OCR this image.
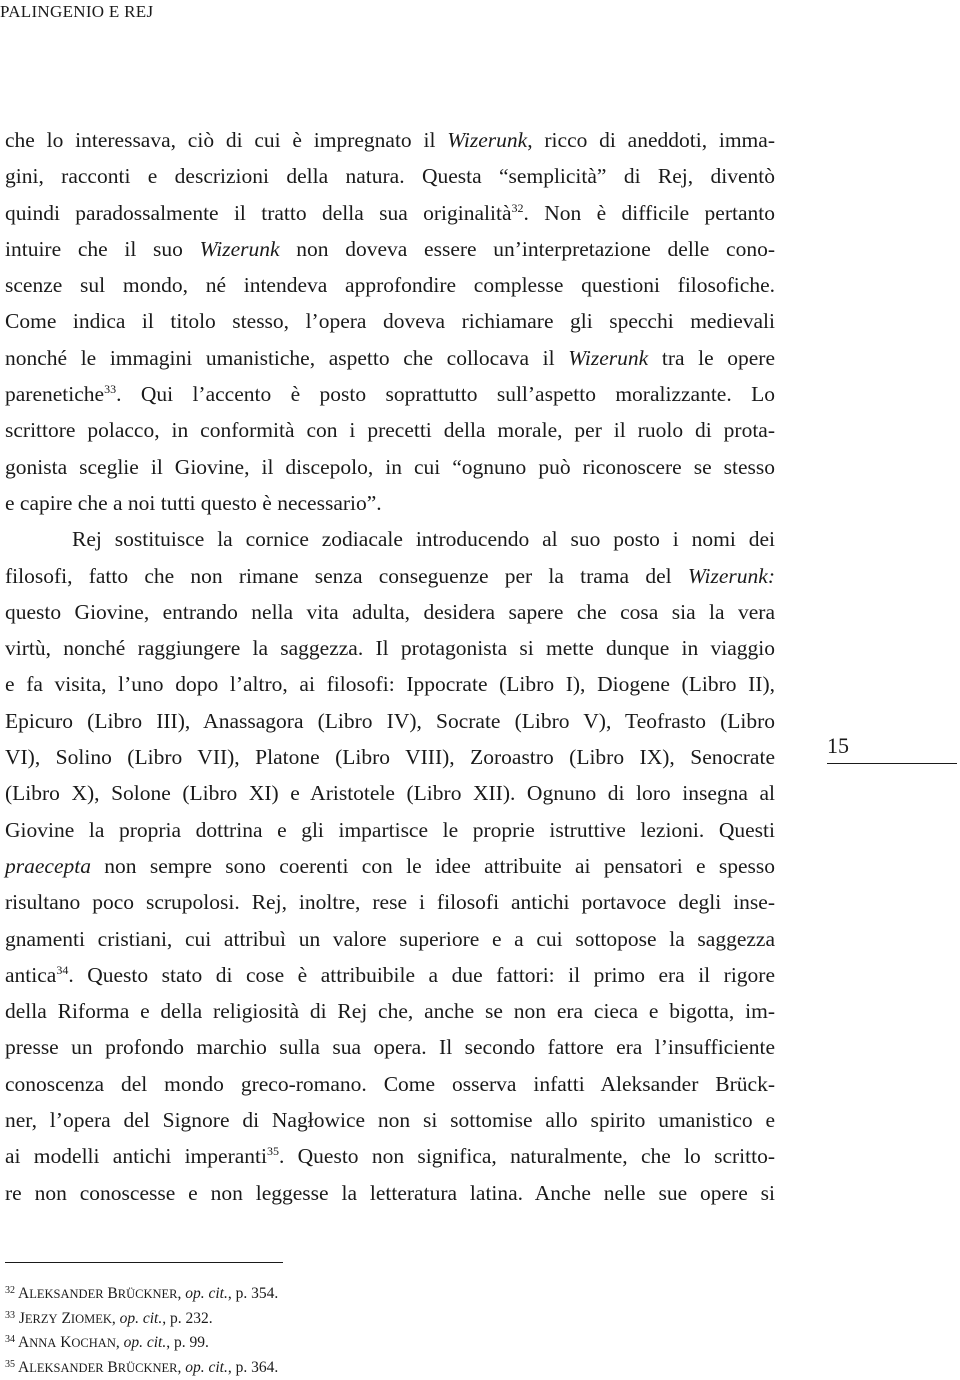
PALINGENIO E REJ
che lo interessava, ciò di cui è impregnato il Wizerunk, ricco di aneddoti, imma-
gini, racconti e descrizioni della natura. Questa “semplicità” di Rej, diventò
quindi paradossalmente il tratto della sua originalità$^{32}$. Non è difficile pertanto
intuire che il suo Wizerunk non doveva essere un’interpretazione delle cono-
scenze sul mondo, né intendeva approfondire complesse questioni filosofiche.
Come indica il titolo stesso, l’opera doveva richiamare gli specchi medievali
nonché le immagini umanistiche, aspetto che collocava il Wizerunk tra le opere
parenetiche$^{33}$. Qui l’accento è posto soprattutto sull’aspetto moralizzante. Lo
scrittore polacco, in conformità con i precetti della morale, per il ruolo di prota-
gonista sceglie il Giovine, il discepolo, in cui “ognuno può riconoscere se stesso
e capire che a noi tutti questo è necessario”.
Rej sostituisce la cornice zodiacale introducendo al suo posto i nomi dei
filosofi, fatto che non rimane senza conseguenze per la trama del Wizerunk:
questo Giovine, entrando nella vita adulta, desidera sapere che cosa sia la vera
virtù, nonché raggiungere la saggezza. Il protagonista si mette dunque in viaggio
e fa visita, l’uno dopo l’altro, ai filosofi: Ippocrate (Libro I), Diogene (Libro II),
Epicuro (Libro III), Anassagora (Libro IV), Socrate (Libro V), Teofrasto (Libro
VI), Solino (Libro VII), Platone (Libro VIII), Zoroastro (Libro IX), Senocrate
(Libro X), Solone (Libro XI) e Aristotele (Libro XII). Ognuno di loro insegna al
Giovine la propria dottrina e gli impartisce le proprie istruttive lezioni. Questi
praecepta non sempre sono coerenti con le idee attribuite ai pensatori e spesso
risultano poco scrupolosi. Rej, inoltre, rese i filosofi antichi portavoce degli inse-
gnamenti cristiani, cui attribuì un valore superiore e a cui sottopose la saggezza
antica$^{34}$. Questo stato di cose è attribuibile a due fattori: il primo era il rigore
della Riforma e della religiosità di Rej che, anche se non era cieca e bigotta, im-
presse un profondo marchio sulla sua opera. Il secondo fattore era l’insufficiente
conoscenza del mondo greco-romano. Come osserva infatti Aleksander Brück-
ner, l’opera del Signore di Nagłowice non si sottomise allo spirito umanistico e
ai modelli antichi imperanti$^{35}$. Questo non significa, naturalmente, che lo scritto-
re non conoscesse e non leggesse la letteratura latina. Anche nelle sue opere si
15
$^{32}$ ALEKSANDER BRÜCKNER, op. cit., p. 354.
$^{33}$ JERZY ZIOMEK, op. cit., p. 232.
$^{34}$ ANNA KOCHAN, op. cit., p. 99.
$^{35}$ ALEKSANDER BRÜCKNER, op. cit., p. 364.
